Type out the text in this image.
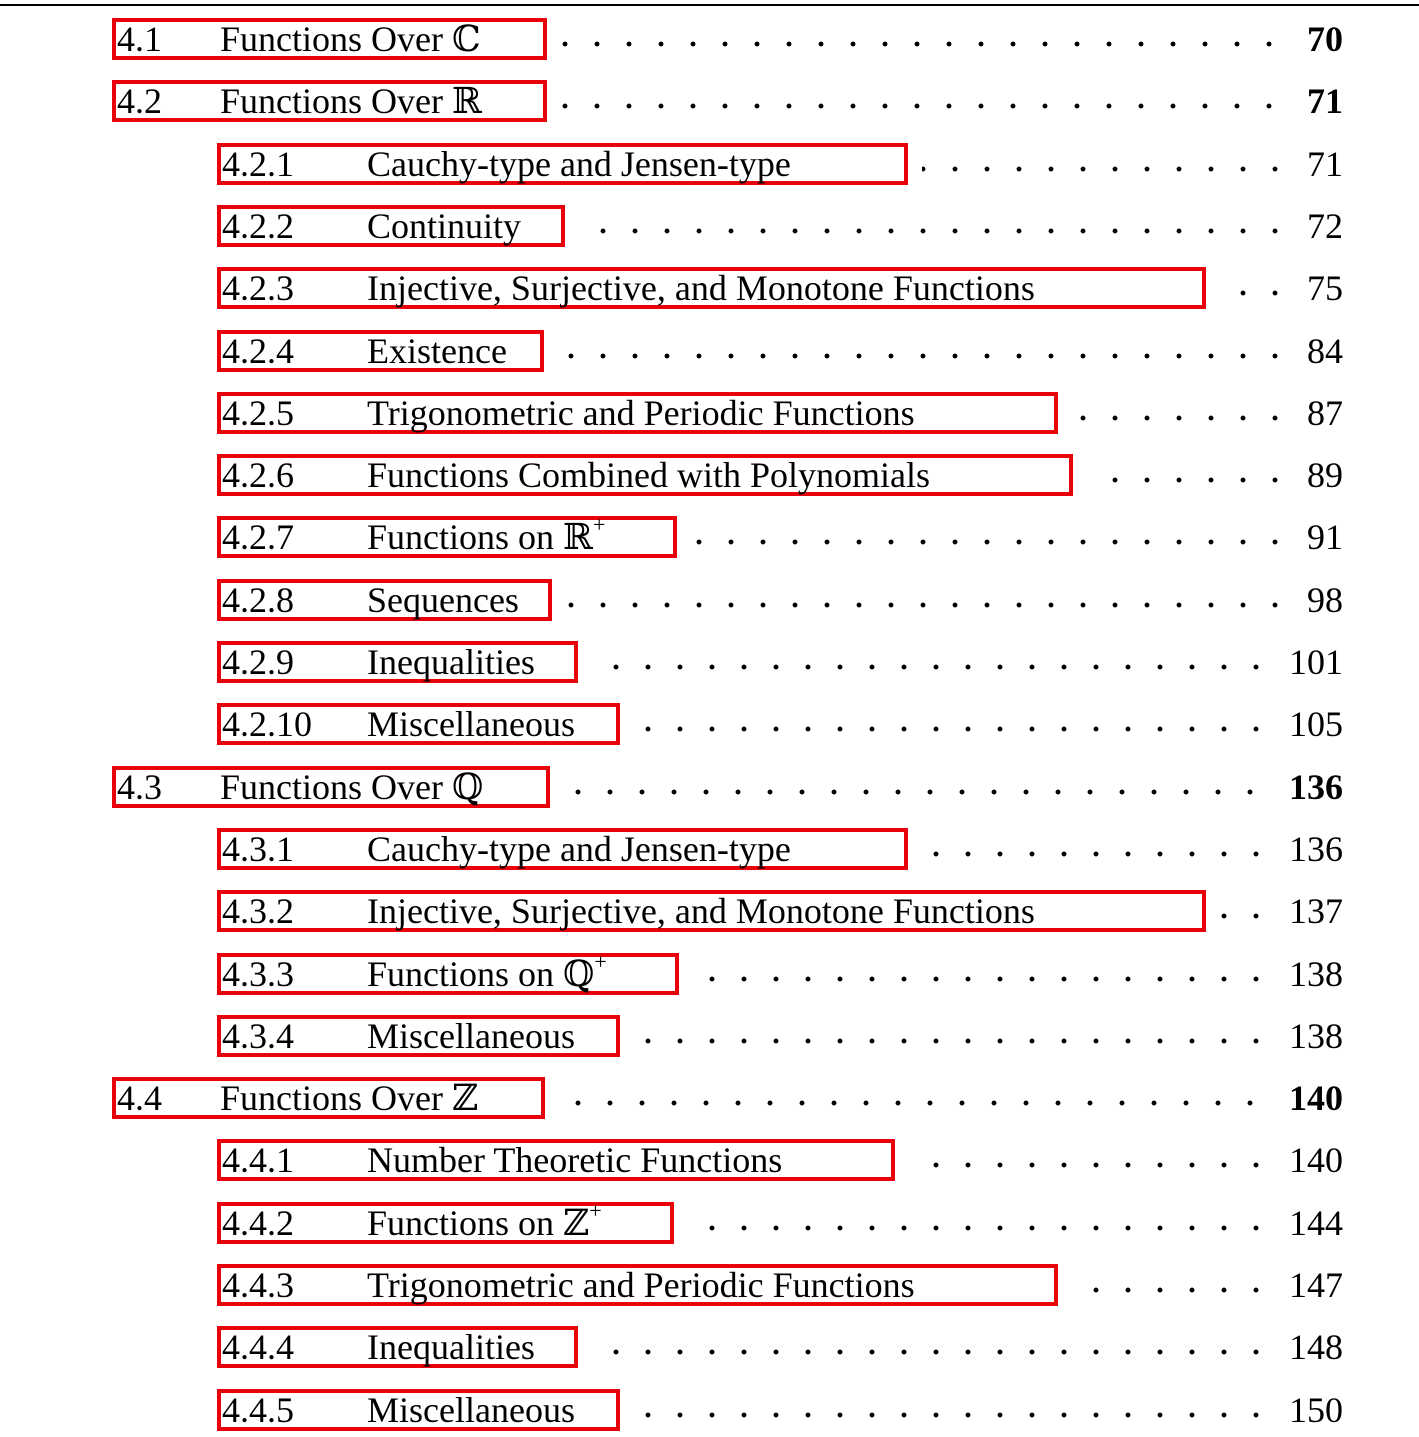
4.1	Functions Over ℂ	70
4.2	Functions Over ℝ	71
4.2.1	Cauchy-type and Jensen-type	71
4.2.2	Continuity	72
4.2.3	Injective, Surjective, and Monotone Functions	75
4.2.4	Existence	84
4.2.5	Trigonometric and Periodic Functions	87
4.2.6	Functions Combined with Polynomials	89
4.2.7	Functions on ℝ+	91
4.2.8	Sequences	98
4.2.9	Inequalities	101
4.2.10	Miscellaneous	105
4.3	Functions Over ℚ	136
4.3.1	Cauchy-type and Jensen-type	136
4.3.2	Injective, Surjective, and Monotone Functions	137
4.3.3	Functions on ℚ+	138
4.3.4	Miscellaneous	138
4.4	Functions Over ℤ	140
4.4.1	Number Theoretic Functions	140
4.4.2	Functions on ℤ+	144
4.4.3	Trigonometric and Periodic Functions	147
4.4.4	Inequalities	148
4.4.5	Miscellaneous	150
